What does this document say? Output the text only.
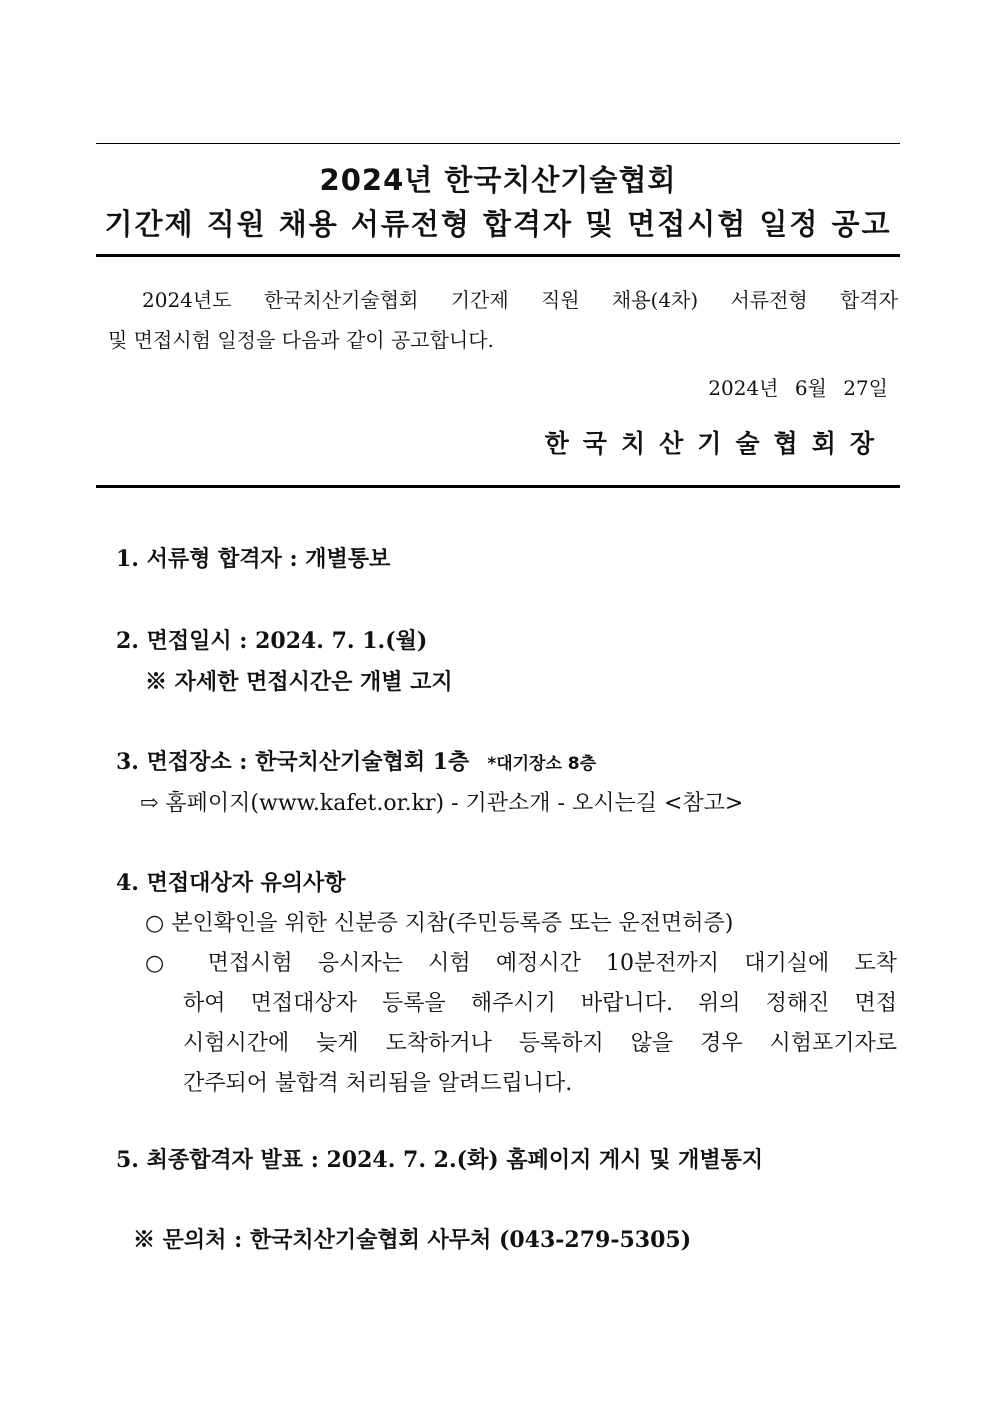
2024년 한국치산기술협회
기간제 직원 채용 서류전형 합격자 및 면접시험 일정 공고
2024년도 한국치산기술협회 기간제 직원 채용(4차) 서류전형 합격자
및 면접시험 일정을 다음과 같이 공고합니다.
2024년 6월 27일
한국치산기술협회장
1. 서류형 합격자 : 개별통보
2. 면접일시 : 2024. 7. 1.(월)
※ 자세한 면접시간은 개별 고지
3. 면접장소 : 한국치산기술협회 1층 *대기장소 8층
⇨ 홈페이지(www.kafet.or.kr) - 기관소개 - 오시는길 <참고>
4. 면접대상자 유의사항
○ 본인확인을 위한 신분증 지참(주민등록증 또는 운전면허증)
○ 면접시험 응시자는 시험 예정시간 10분전까지 대기실에 도착
하여 면접대상자 등록을 해주시기 바랍니다. 위의 정해진 면접
시험시간에 늦게 도착하거나 등록하지 않을 경우 시험포기자로
간주되어 불합격 처리됨을 알려드립니다.
5. 최종합격자 발표 : 2024. 7. 2.(화) 홈페이지 게시 및 개별통지
※ 문의처 : 한국치산기술협회 사무처 (043-279-5305)
